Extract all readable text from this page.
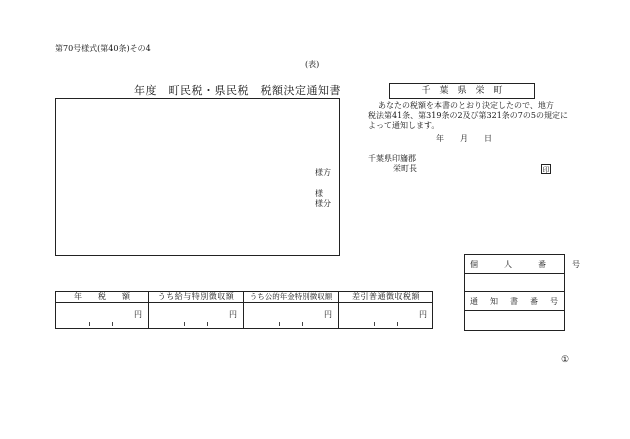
第70号様式(第40条)その4
(表)
年度　町民税・県民税　税額決定通知書	千　葉　県　栄　町
あなたの税額を本書のとおり決定したので、地方
税法第41条、第319条の2及び第321条の7の5の規定に
よって通知します。
年　　月　　日
千葉県印旛郡
栄町長	印
様方
様
様分
年　　税　　額	うち給与特別徴収額	うち公的年金特別徴収額	差引普通徴収税額
円	円	円	円
個　人　番　号
通　知　書　番　号
①
